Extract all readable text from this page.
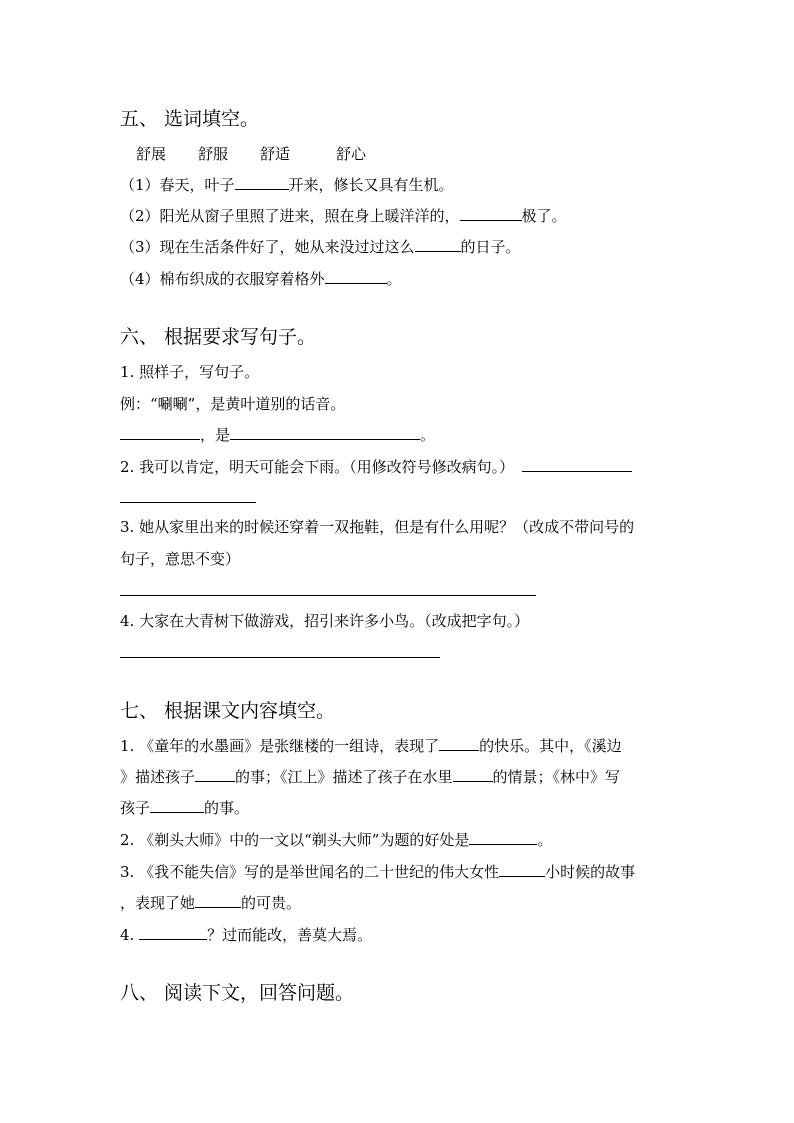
五、 选词填空。
舒展 舒服 舒适	舒心
（1）春天，叶子	开来，修长又具有生机。
（2）阳光从窗子里照了进来，照在身上暖洋洋的，	极了。
（3）现在生活条件好了，她从来没过过这么	的日子。
（4）棉布织成的衣服穿着格外	。
六、 根据要求写句子。
1. 照样子，写句子。
例：“唰唰”，是黄叶道别的话音。
，是	。
2. 我可以肯定，明天可能会下雨。（用修改符号修改病句。）
3. 她从家里出来的时候还穿着一双拖鞋，但是有什么用呢？（改成不带问号的
句子，意思不变）
4. 大家在大青树下做游戏，招引来许多小鸟。（改成把字句。）
七、 根据课文内容填空。
1. 《童年的水墨画》是张继楼的一组诗，表现了	的快乐。其中，《溪边
》描述孩子	的事；《江上》描述了孩子在水里	的情景；《林中》写
孩子	的事。
2. 《剃头大师》中的一文以“剃头大师”为题的好处是	。
3. 《我不能失信》写的是举世闻名的二十世纪的伟大女性	小时候的故事
，表现了她	的可贵。
4.	？过而能改，善莫大焉。
八、 阅读下文，回答问题。
